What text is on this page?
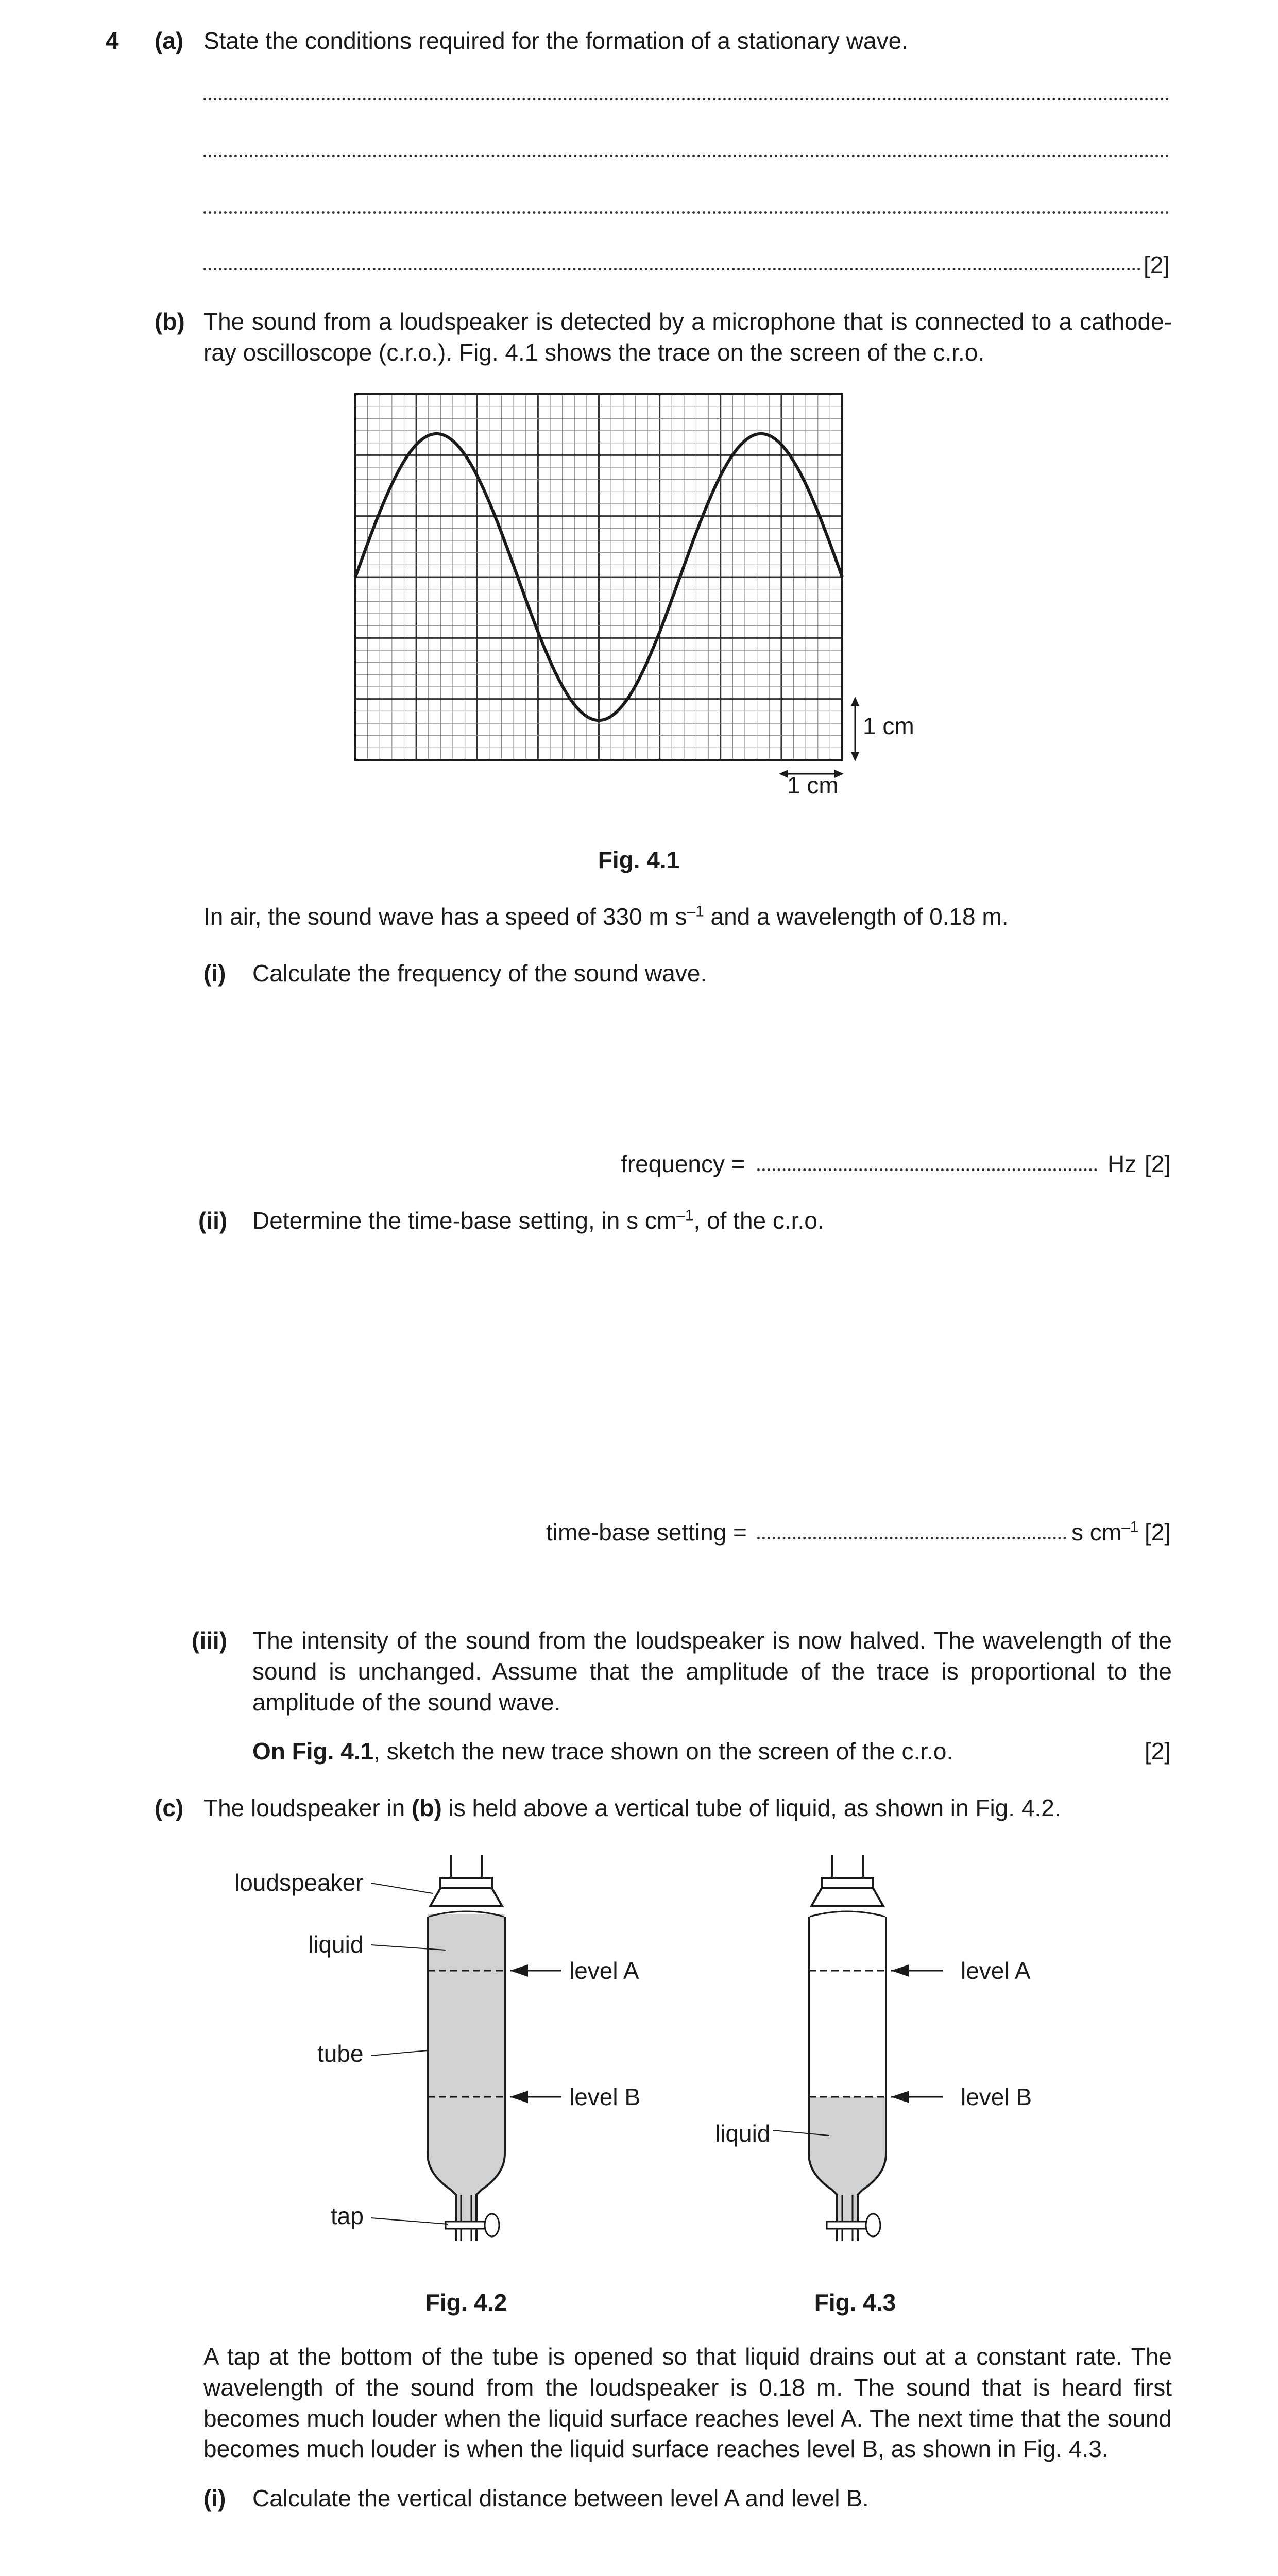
4 (a) State the conditions required for the formation of a stationary wave.
[2]
(b) The sound from a loudspeaker is detected by a microphone that is connected to a cathode-ray oscilloscope (c.r.o.). Fig. 4.1 shows the trace on the screen of the c.r.o.
1 cm
1 cm
Fig. 4.1
In air, the sound wave has a speed of 330 m $s^{-1}$ and a wavelength of 0.18 m.
(i) Calculate the frequency of the sound wave.
frequency =	Hz [2]
(ii) Determine the time-base setting, in s $cm^{-1}$, of the c.r.o.
time-base setting =	s $cm^{-1}$ [2]
(iii) The intensity of the sound from the loudspeaker is now halved. The wavelength of the sound is unchanged. Assume that the amplitude of the trace is proportional to the amplitude of the sound wave.
On Fig. 4.1, sketch the new trace shown on the screen of the c.r.o.	[2]
(c) The loudspeaker in (b) is held above a vertical tube of liquid, as shown in Fig. 4.2.
loudspeaker
liquid
tube
tap
level A
level B
liquid
level A
level B
Fig. 4.2	Fig. 4.3
A tap at the bottom of the tube is opened so that liquid drains out at a constant rate. The wavelength of the sound from the loudspeaker is 0.18 m. The sound that is heard first becomes much louder when the liquid surface reaches level A. The next time that the sound becomes much louder is when the liquid surface reaches level B, as shown in Fig. 4.3.
(i) Calculate the vertical distance between level A and level B.
